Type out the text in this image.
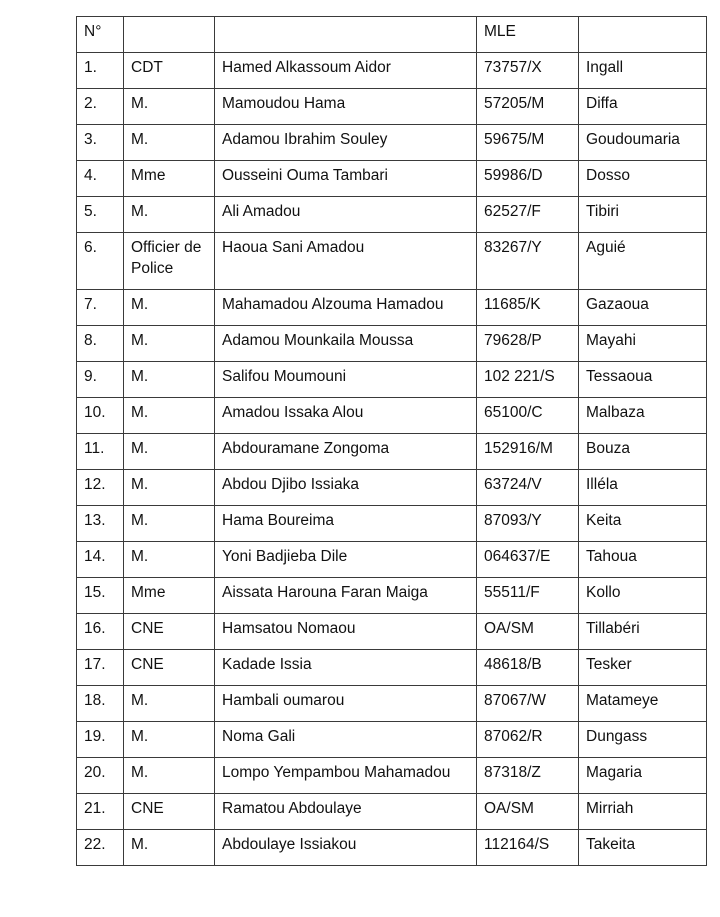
N°			MLE	
1.	CDT	Hamed Alkassoum Aidor	73757/X	Ingall
2.	M.	Mamoudou Hama	57205/M	Diffa
3.	M.	Adamou Ibrahim Souley	59675/M	Goudoumaria
4.	Mme	Ousseini Ouma Tambari	59986/D	Dosso
5.	M.	Ali Amadou	62527/F	Tibiri
6.	Officier de Police	Haoua Sani Amadou	83267/Y	Aguié
7.	M.	Mahamadou Alzouma Hamadou	11685/K	Gazaoua
8.	M.	Adamou Mounkaila Moussa	79628/P	Mayahi
9.	M.	Salifou Moumouni	102 221/S	Tessaoua
10.	M.	Amadou Issaka Alou	65100/C	Malbaza
11.	M.	Abdouramane Zongoma	152916/M	Bouza
12.	M.	Abdou Djibo Issiaka	63724/V	Illéla
13.	M.	Hama Boureima	87093/Y	Keita
14.	M.	Yoni Badjieba Dile	064637/E	Tahoua
15.	Mme	Aissata Harouna Faran Maiga	55511/F	Kollo
16.	CNE	Hamsatou Nomaou	OA/SM	Tillabéri
17.	CNE	Kadade Issia	48618/B	Tesker
18.	M.	Hambali oumarou	87067/W	Matameye
19.	M.	Noma Gali	87062/R	Dungass
20.	M.	Lompo Yempambou Mahamadou	87318/Z	Magaria
21.	CNE	Ramatou Abdoulaye	OA/SM	Mirriah
22.	M.	Abdoulaye Issiakou	112164/S	Takeita
